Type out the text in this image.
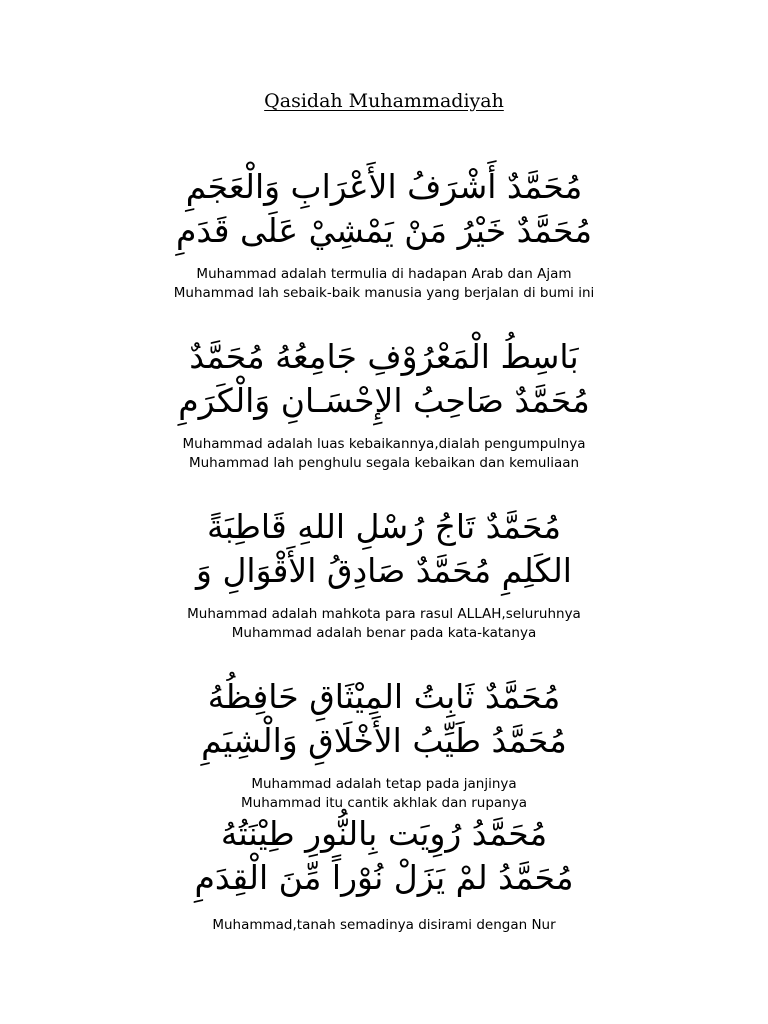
Qasidah Muhammadiyah

مُحَمَّدٌ أَشْرَفُ الأَعْرَابِ وَالْعَجَمِ

مُحَمَّدٌ خَيْرُ مَنْ يَمْشِيْ عَلَى قَدَمِ

Muhammad adalah termulia di hadapan Arab dan Ajam

Muhammad lah sebaik-baik manusia yang berjalan di bumi ini

بَاسِطُ الْمَعْرُوْفِ جَامِعُهُ مُحَمَّدٌ

مُحَمَّدٌ صَاحِبُ الإِحْسَـانِ وَالْكَرَمِ

Muhammad adalah luas kebaikannya,dialah pengumpulnya

Muhammad lah penghulu segala kebaikan dan kemuliaan

مُحَمَّدٌ تَاجُ رُسْلِ اللهِ قَاطِبَةً

الكَلِمِ مُحَمَّدٌ صَادِقُ الأَقْوَالِ وَ

Muhammad adalah mahkota para rasul ALLAH,seluruhnya

Muhammad adalah benar pada kata-katanya

مُحَمَّدٌ ثَابِتُ المِيْثَاقِ حَافِظُهُ

مُحَمَّدُ طَيِّبُ الأَخْلَاقِ وَالْشِيَمِ

Muhammad adalah tetap pada janjinya

Muhammad itu cantik akhlak dan rupanya

مُحَمَّدُ رُوِيَت بِالنُّورِ طِيْنَتُهُ

مُحَمَّدُ لمْ يَزَلْ نُوْراً مِّنَ الْقِدَمِ

Muhammad,tanah semadinya disirami dengan Nur
